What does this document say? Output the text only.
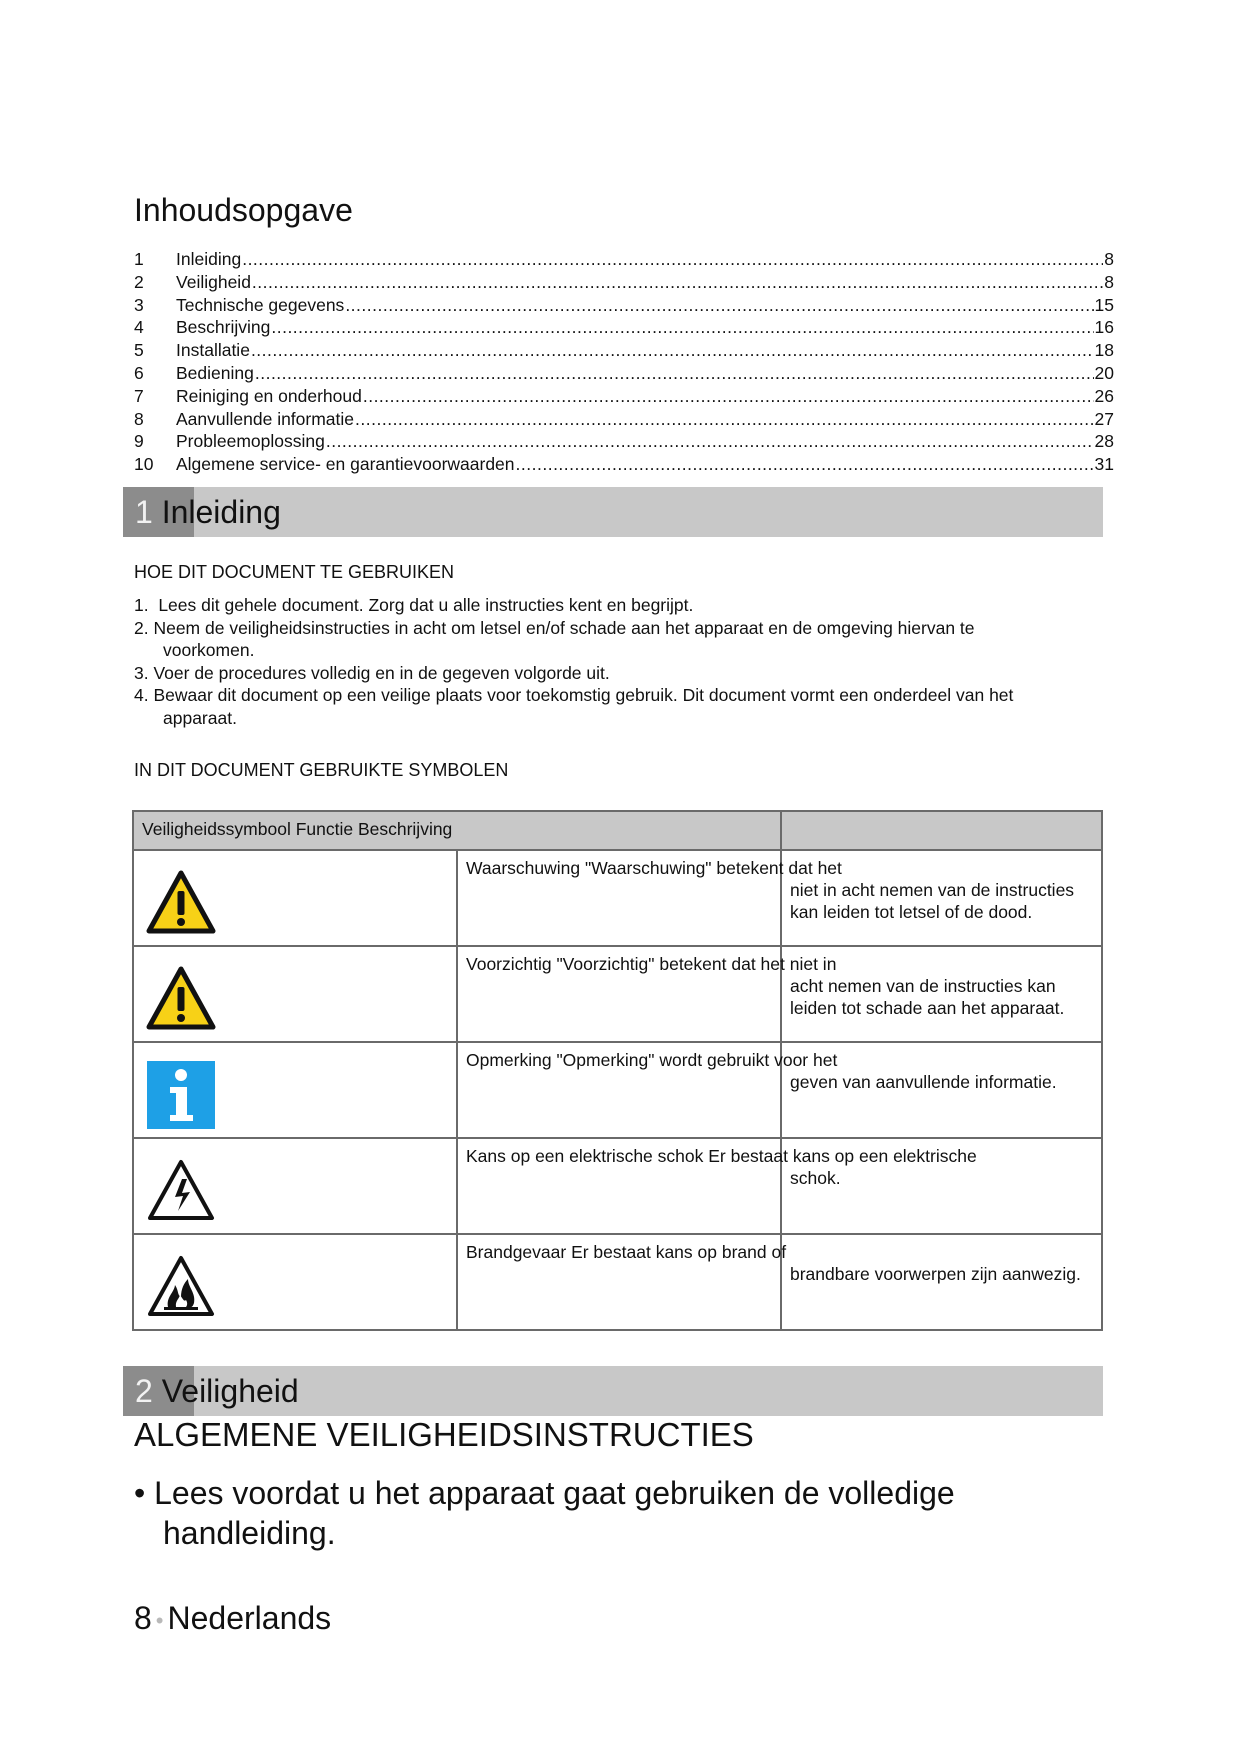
Inhoudsopgave
1	Inleiding .....	8
2	Veiligheid .....	8
3	Technische gegevens .....	15
4	Beschrijving .....	16
5	Installatie .....	18
6	Bediening .....	20
7	Reiniging en onderhoud .....	26
8	Aanvullende informatie .....	27
9	Probleemoplossing .....	28
10	Algemene service- en garantievoorwaarden .....	31
1 Inleiding
HOE DIT DOCUMENT TE GEBRUIKEN

1.  Lees dit gehele document. Zorg dat u alle instructies kent en begrijpt.

2. Neem de veiligheidsinstructies in acht om letsel en/of schade aan het apparaat en de omgeving hiervan te
voorkomen.

3. Voer de procedures volledig en in de gegeven volgorde uit.

4. Bewaar dit document op een veilige plaats voor toekomstig gebruik. Dit document vormt een onderdeel van het
apparaat.

IN DIT DOCUMENT GEBRUIKTE SYMBOLEN
Veiligheidssymbool Functie Beschrijving		

Waarschuwing "Waarschuwing" betekent dat het	niet in acht nemen van de instructies kan leiden tot letsel of de dood.

Voorzichtig "Voorzichtig" betekent dat het niet in	acht nemen van de instructies kan leiden tot schade aan het apparaat.

Opmerking "Opmerking" wordt gebruikt voor het	geven van aanvullende informatie.

Kans op een elektrische schok Er bestaat kans op een elektrische	schok.

Brandgevaar Er bestaat kans op brand of	brandbare voorwerpen zijn aanwezig.
2 Veiligheid
ALGEMENE VEILIGHEIDSINSTRUCTIES

• Lees voordat u het apparaat gaat gebruiken de volledige
handleiding.

8 • Nederlands
